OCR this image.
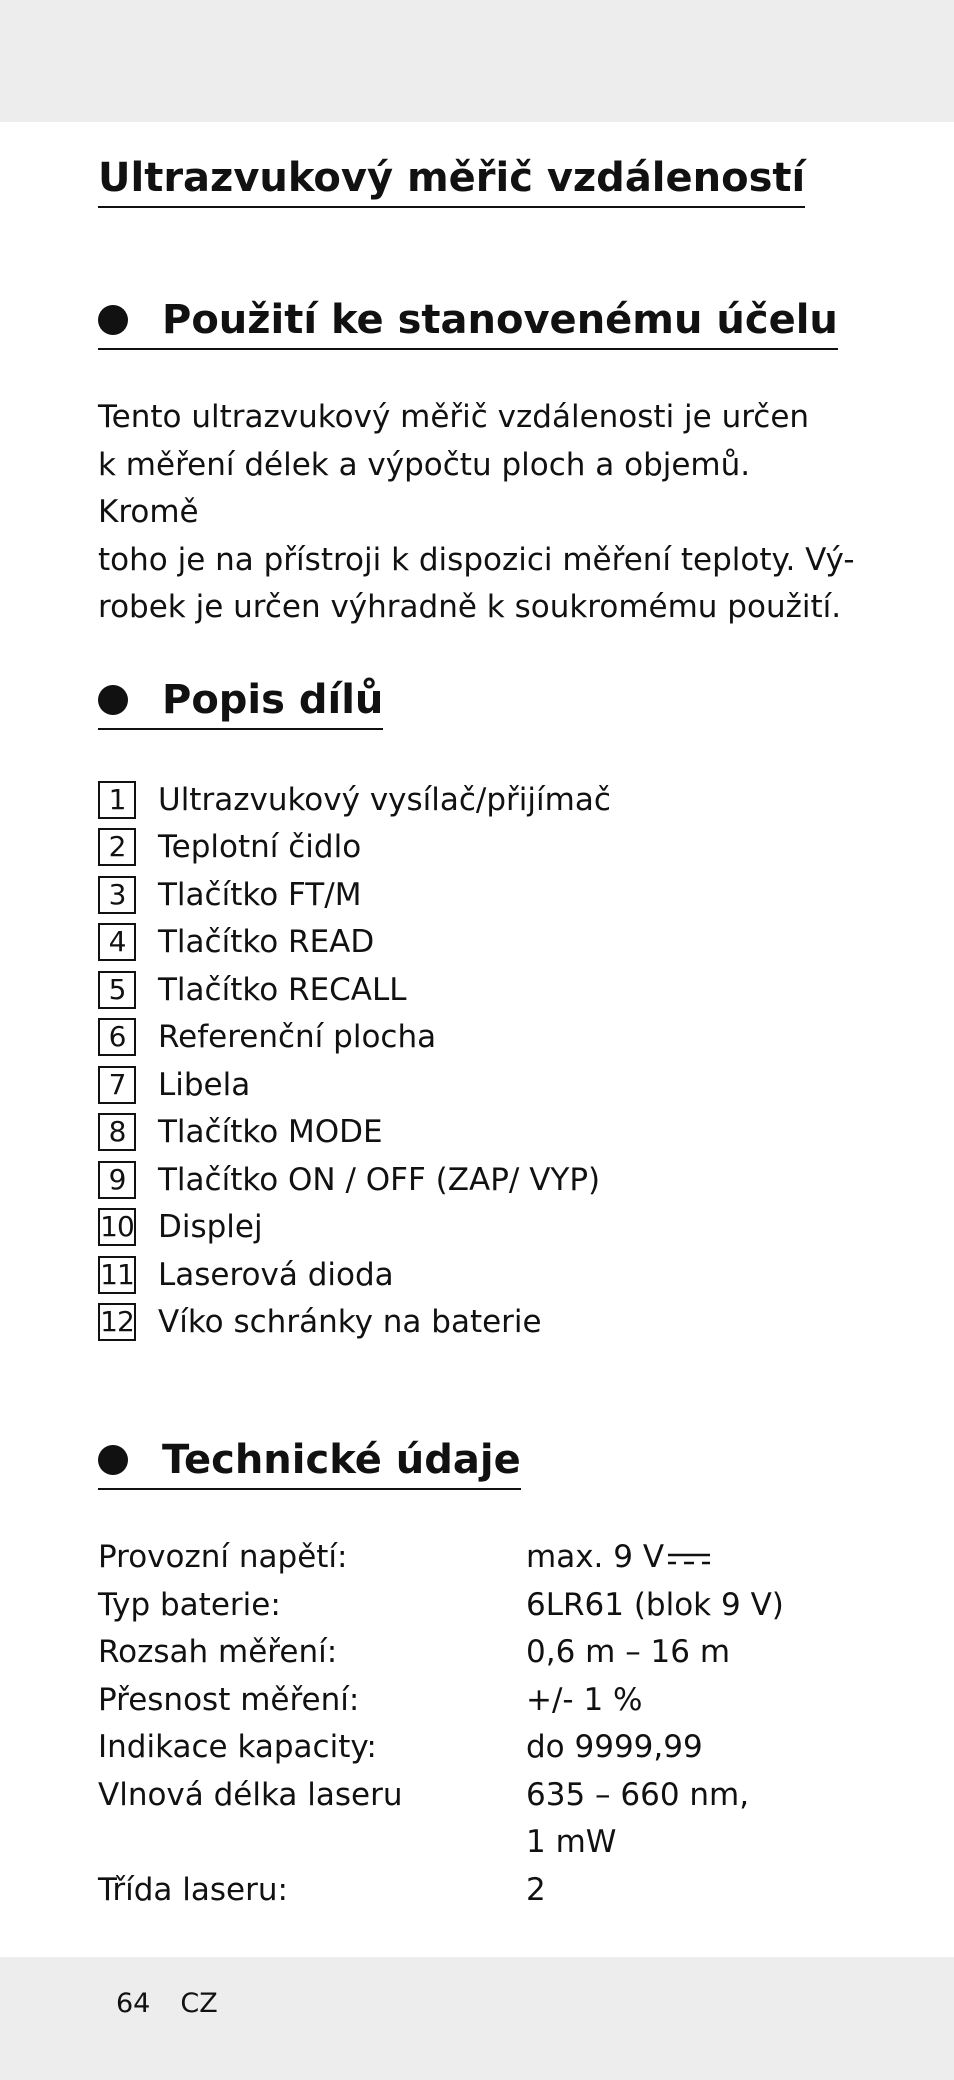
Ultrazvukový měřič vzdáleností
Použití ke stanovenému účelu
Tento ultrazvukový měřič vzdálenosti je určen
k měření délek a výpočtu ploch a objemů. Kromě
toho je na přístroji k dispozici měření teploty. Vý-
robek je určen výhradně k soukromému použití.
Popis dílů
1	Ultrazvukový vysílač/přijímač
2	Teplotní čidlo
3	Tlačítko FT/M
4	Tlačítko READ
5	Tlačítko RECALL
6	Referenční plocha
7	Libela
8	Tlačítko MODE
9	Tlačítko ON / OFF (ZAP/ VYP)
10 Displej
11 Laserová dioda
12 Víko schránky na baterie
Technické údaje
Provozní napětí:	max. 9 V
Typ baterie:	6LR61 (blok 9 V)
Rozsah měření:	0,6 m – 16 m
Přesnost měření:	+/- 1 %
Indikace kapacity:	do 9999,99
Vlnová délka laseru	635 – 660 nm,
1 mW
Třída laseru:	2
64 CZ
